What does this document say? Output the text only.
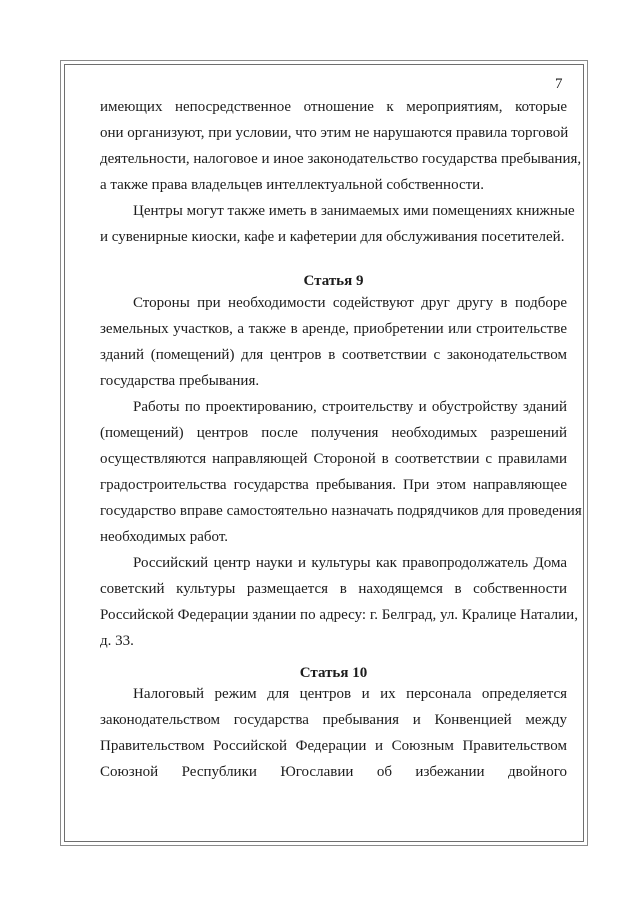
7
имеющих непосредственное отношение к мероприятиям, которые
они организуют, при условии, что этим не нарушаются правила торговой
деятельности, налоговое и иное законодательство государства пребывания,
а также права владельцев интеллектуальной собственности.
Центры могут также иметь в занимаемых ими помещениях книжные
и сувенирные киоски, кафе и кафетерии для обслуживания посетителей.
Статья 9
Стороны при необходимости содействуют друг другу в подборе
земельных участков, а также в аренде, приобретении или строительстве
зданий (помещений) для центров в соответствии с законодательством
государства пребывания.
Работы по проектированию, строительству и обустройству зданий
(помещений) центров после получения необходимых разрешений
осуществляются направляющей Стороной в соответствии с правилами
градостроительства государства пребывания. При этом направляющее
государство вправе самостоятельно назначать подрядчиков для проведения
необходимых работ.
Российский центр науки и культуры как правопродолжатель Дома
советский культуры размещается в находящемся в собственности
Российской Федерации здании по адресу: г. Белград, ул. Кралице Наталии,
д. 33.
Статья 10
Налоговый режим для центров и их персонала определяется
законодательством государства пребывания и Конвенцией между
Правительством Российской Федерации и Союзным Правительством
Союзной Республики Югославии об избежании двойного
